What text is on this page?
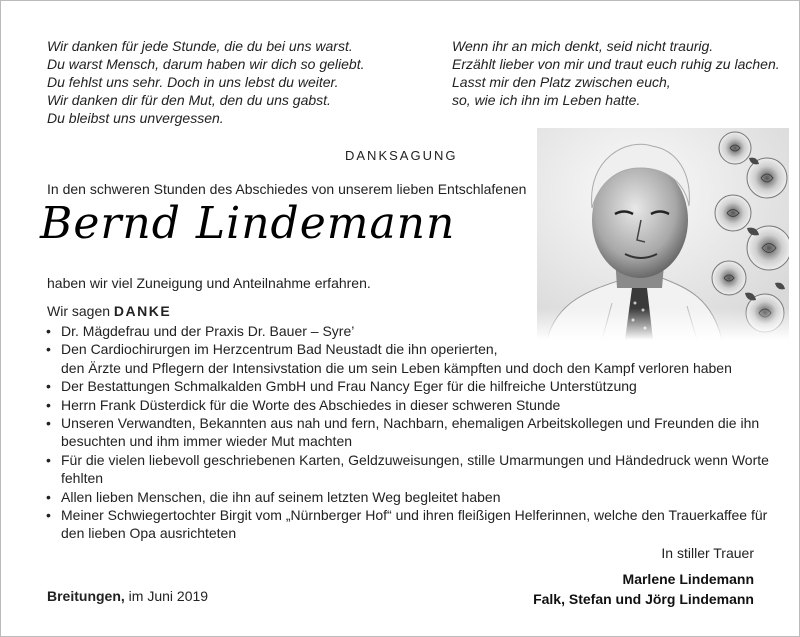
Wir danken für jede Stunde, die du bei uns warst.
Du warst Mensch, darum haben wir dich so geliebt.
Du fehlst uns sehr. Doch in uns lebst du weiter.
Wir danken dir für den Mut, den du uns gabst.
Du bleibst uns unvergessen.
Wenn ihr an mich denkt, seid nicht traurig.
Erzählt lieber von mir und traut euch ruhig zu lachen.
Lasst mir den Platz zwischen euch,
so, wie ich ihn im Leben hatte.
DANKSAGUNG
In den schweren Stunden des Abschiedes von unserem lieben Entschlafenen
Bernd Lindemann
haben wir viel Zuneigung und Anteilnahme erfahren.
Wir sagen DANKE
• Dr. Mägdefrau und der Praxis Dr. Bauer – Syre’
• Den Cardiochirurgen im Herzcentrum Bad Neustadt die ihn operierten,
den Ärzte und Pflegern der Intensivstation die um sein Leben kämpften und doch den Kampf verloren haben
• Der Bestattungen Schmalkalden GmbH und Frau Nancy Eger für die hilfreiche Unterstützung
• Herrn Frank Düsterdick für die Worte des Abschiedes in dieser schweren Stunde
• Unseren Verwandten, Bekannten aus nah und fern, Nachbarn, ehemaligen Arbeitskollegen und Freunden die ihn
besuchten und ihm immer wieder Mut machten
• Für die vielen liebevoll geschriebenen Karten, Geldzuweisungen, stille Umarmungen und Händedruck wenn Worte
fehlten
• Allen lieben Menschen, die ihn auf seinem letzten Weg begleitet haben
• Meiner Schwiegertochter Birgit vom „Nürnberger Hof“ und ihren fleißigen Helferinnen, welche den Trauerkaffee für
den lieben Opa ausrichteten
In stiller Trauer
Marlene Lindemann
Falk, Stefan und Jörg Lindemann
Breitungen, im Juni 2019
